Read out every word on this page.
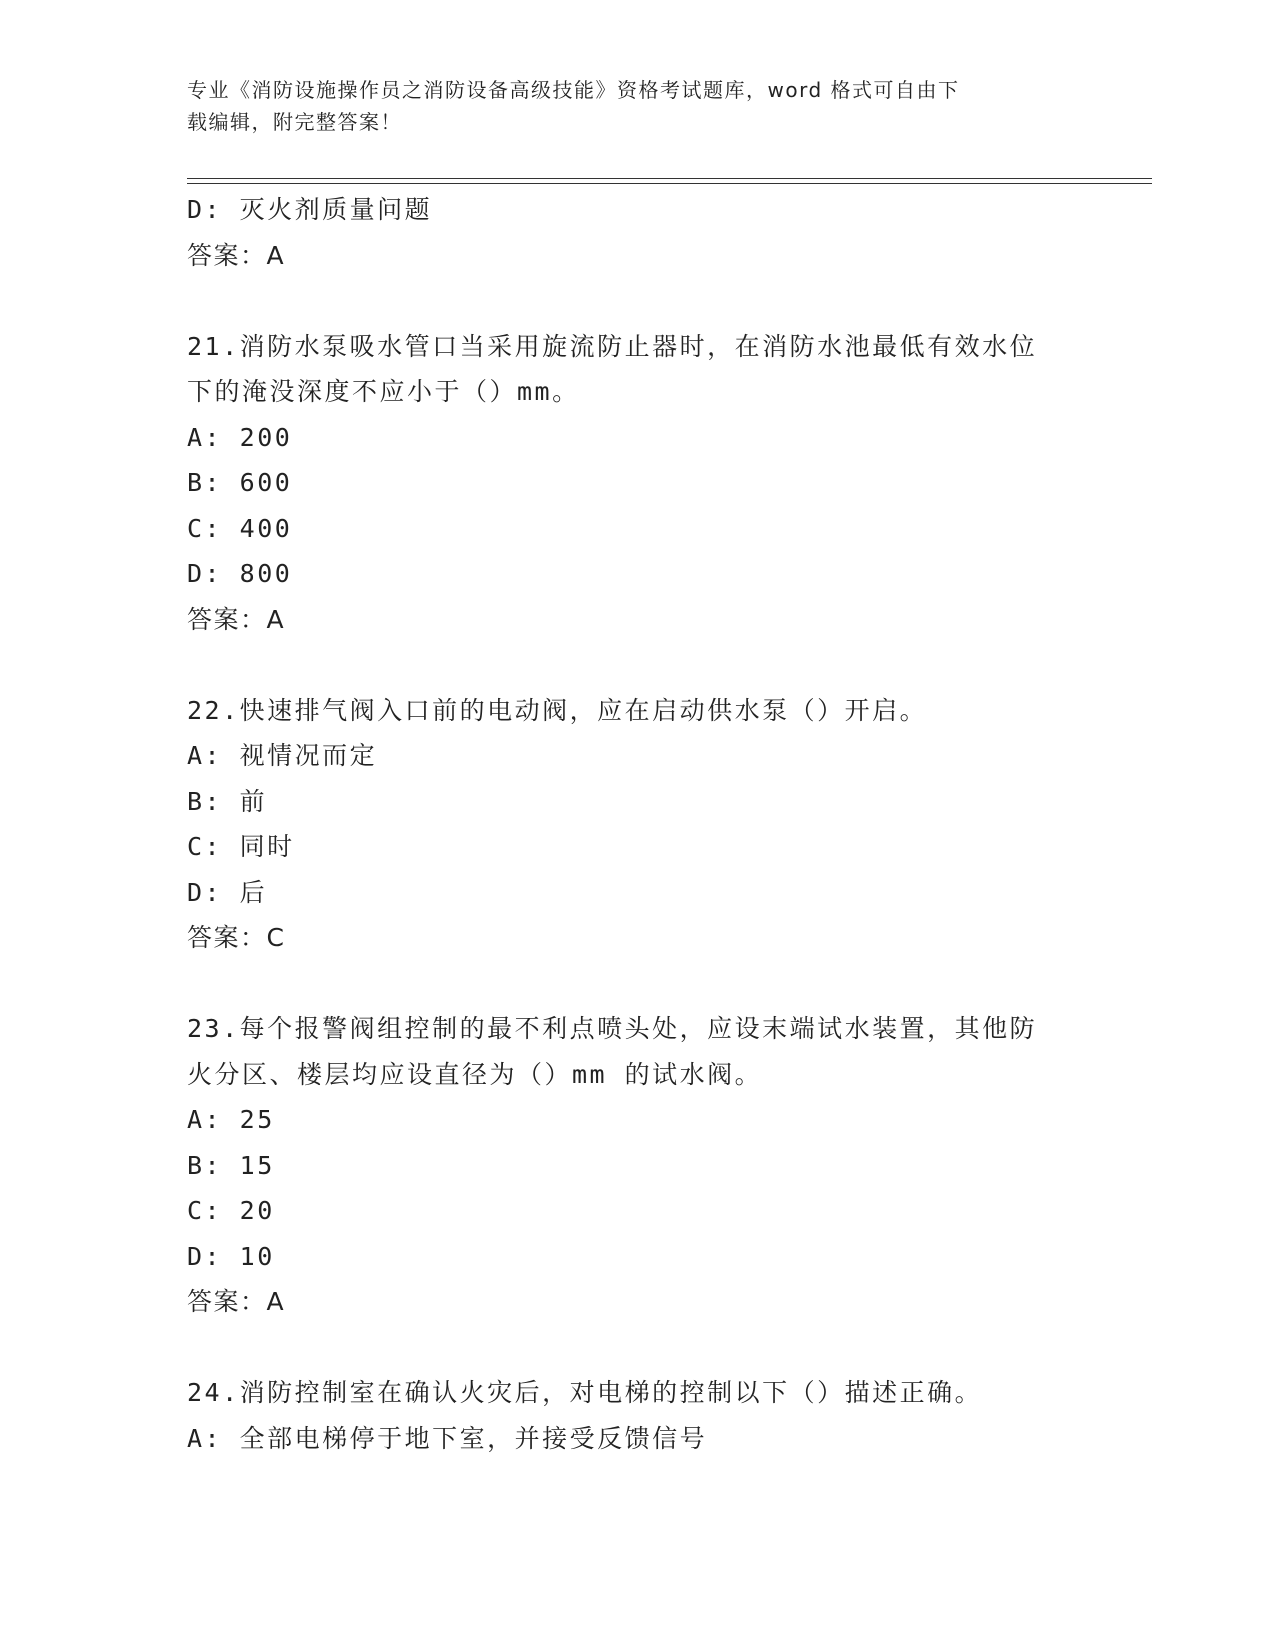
专业《消防设施操作员之消防设备高级技能》资格考试题库，word 格式可自由下
载编辑，附完整答案！
D: 灭火剂质量问题
答案：A
21.消防水泵吸水管口当采用旋流防止器时，在消防水池最低有效水位
下的淹没深度不应小于（）mm。
A: 200
B: 600
C: 400
D: 800
答案：A
22.快速排气阀入口前的电动阀，应在启动供水泵（）开启。
A: 视情况而定
B: 前
C: 同时
D: 后
答案：C
23.每个报警阀组控制的最不利点喷头处，应设末端试水装置，其他防
火分区、楼层均应设直径为（）mm 的试水阀。
A: 25
B: 15
C: 20
D: 10
答案：A
24.消防控制室在确认火灾后，对电梯的控制以下（）描述正确。
A: 全部电梯停于地下室，并接受反馈信号
